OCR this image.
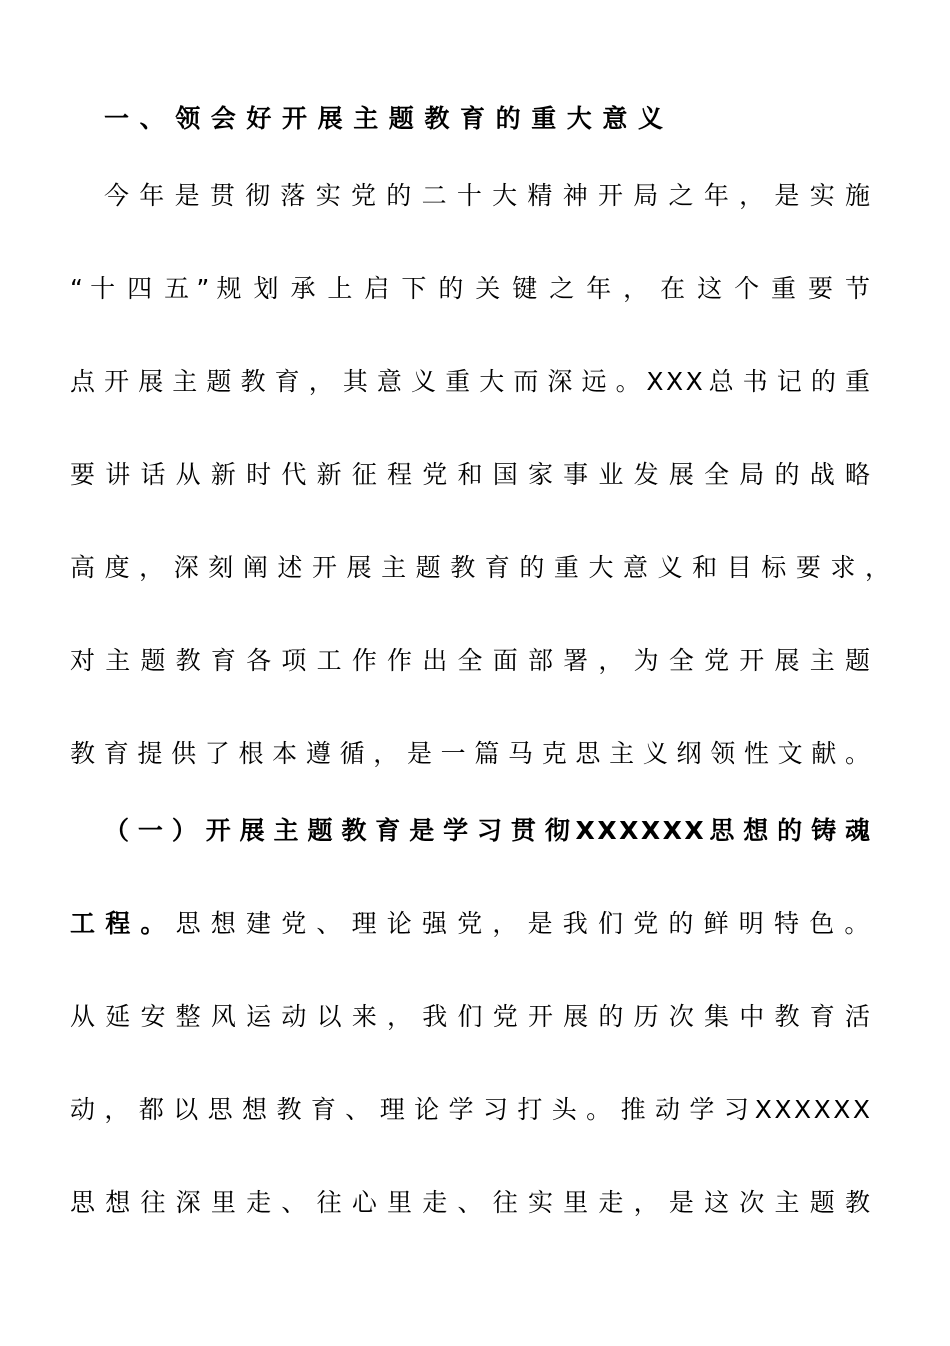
一、领会好开展主题教育的重大意义
今 年 是 贯 彻 落 实 党 的 二 十 大 精 神 开 局 之 年 ， 是 实 施
“ 十 四 五 ” 规 划 承 上 启 下 的 关 键 之 年 ， 在 这 个 重 要 节
点 开 展 主 题 教 育 ， 其 意 义 重 大 而 深 远 。 X X X 总 书 记 的 重
要 讲 话 从 新 时 代 新 征 程 党 和 国 家 事 业 发 展 全 局 的 战 略
高 度 ， 深 刻 阐 述 开 展 主 题 教 育 的 重 大 意 义 和 目 标 要 求 ，
对 主 题 教 育 各 项 工 作 作 出 全 面 部 署 ， 为 全 党 开 展 主 题
教 育 提 供 了 根 本 遵 循 ， 是 一 篇 马 克 思 主 义 纲 领 性 文 献 。
（ 一 ） 开 展 主 题 教 育 是 学 习 贯 彻 X X X X X X 思 想 的 铸 魂
工程。思想建党、理论强党，是我们党的鲜明特色。
从 延 安 整 风 运 动 以 来 ， 我 们 党 开 展 的 历 次 集 中 教 育 活
动 ， 都 以 思 想 教 育 、 理 论 学 习 打 头 。 推 动 学 习 X X X X X X
思 想 往 深 里 走 、 往 心 里 走 、 往 实 里 走 ， 是 这 次 主 题 教
